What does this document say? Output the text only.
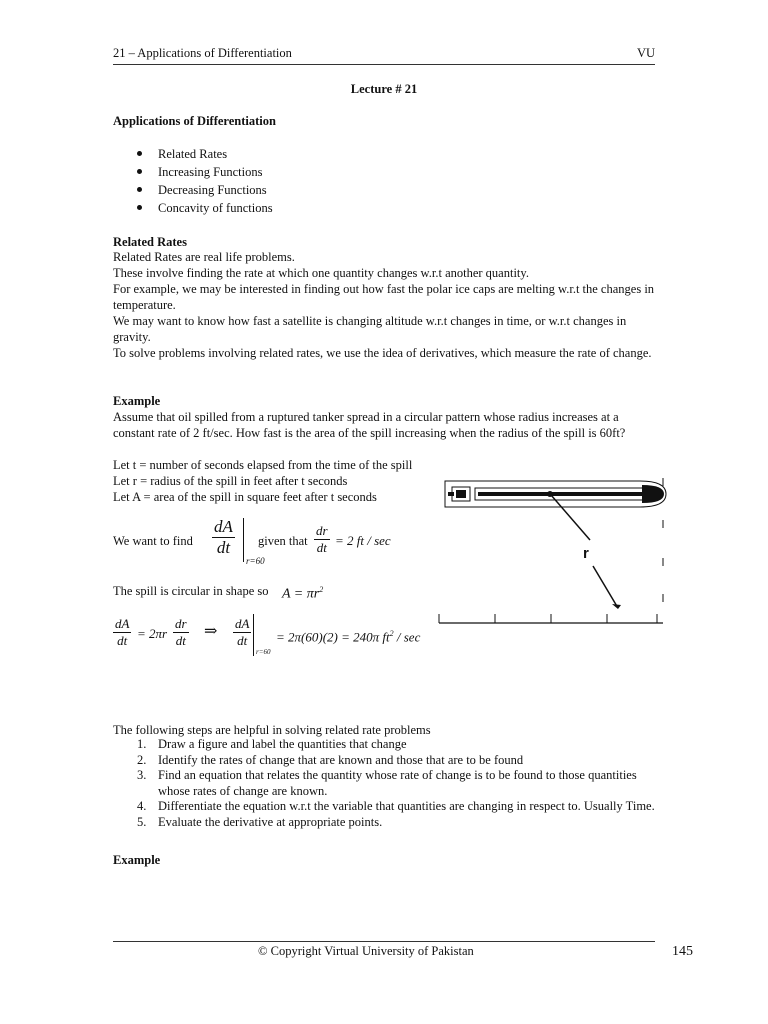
21 – Applications of Differentiation	VU
Lecture # 21
Applications of Differentiation
Related Rates
Increasing Functions
Decreasing Functions
Concavity of functions
Related Rates
Related Rates are real life problems.
These involve finding the rate at which one quantity changes w.r.t another quantity.
For example, we may be interested in finding out how fast the polar ice caps are melting w.r.t the changes in temperature.
We may want to know how fast a satellite is changing altitude w.r.t changes in time, or w.r.t changes in gravity.
To solve problems involving related rates, we use the idea of derivatives, which measure the rate of change.
Example
Assume that oil spilled from a ruptured tanker spread in a circular pattern whose radius increases at a constant rate of 2 ft/sec. How fast is the area of the spill increasing when the radius of the spill is 60ft?
Let t = number of seconds elapsed from the time of the spill
Let r = radius of the spill in feet after t seconds
Let A = area of the spill in square feet after t seconds
We want to find $\frac{dA}{dt}$
r=60
given that $\frac{dr}{dt} = 2$ ft / sec
The spill is circular in shape so $A = \pi r^2$
$\frac{dA}{dt} = 2\pi r \frac{dr}{dt}$ ⇒ $\frac{dA}{dt}$
r=60
= 2π(60)(2) = 240π $ft^2$ / sec
r
The following steps are helpful in solving related rate problems
1. Draw a figure and label the quantities that change
2. Identify the rates of change that are known and those that are to be found
3. Find an equation that relates the quantity whose rate of change is to be found to those quantities whose rates of change are known.
4. Differentiate the equation w.r.t the variable that quantities are changing in respect to. Usually Time.
5. Evaluate the derivative at appropriate points.
Example
© Copyright Virtual University of Pakistan	145
